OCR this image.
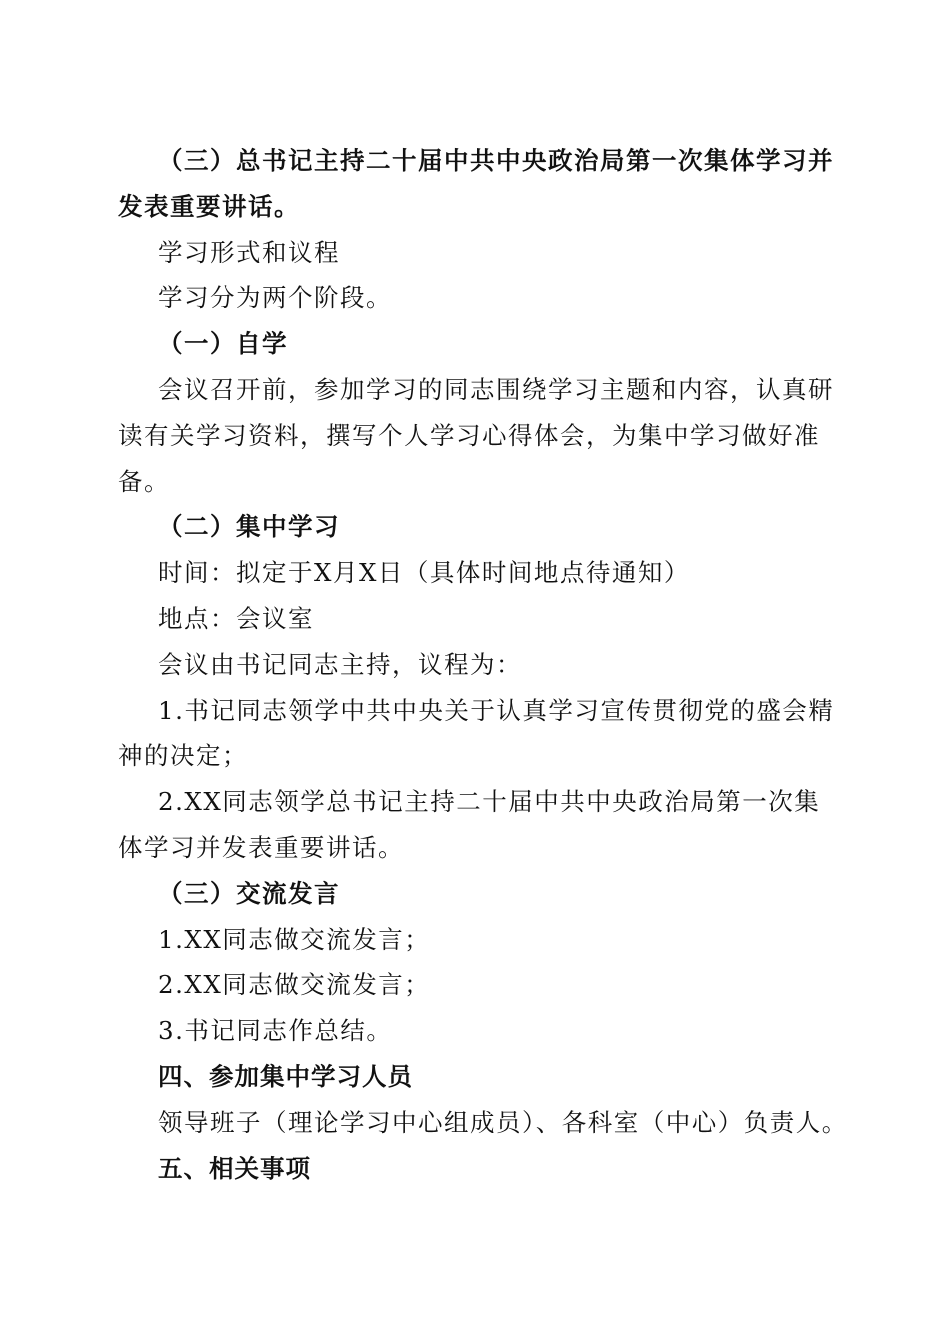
（三）总书记主持二十届中共中央政治局第一次集体学习并
发表重要讲话。
学习形式和议程
学习分为两个阶段。
（一）自学
会议召开前，参加学习的同志围绕学习主题和内容，认真研
读有关学习资料，撰写个人学习心得体会，为集中学习做好准
备。
（二）集中学习
时间：拟定于X月X日（具体时间地点待通知）
地点：会议室
会议由书记同志主持，议程为：
1.书记同志领学中共中央关于认真学习宣传贯彻党的盛会精
神的决定；
2.XX同志领学总书记主持二十届中共中央政治局第一次集
体学习并发表重要讲话。
（三）交流发言
1.XX同志做交流发言；
2.XX同志做交流发言；
3.书记同志作总结。
四、参加集中学习人员
领导班子（理论学习中心组成员）、各科室（中心）负责人。
五、相关事项
